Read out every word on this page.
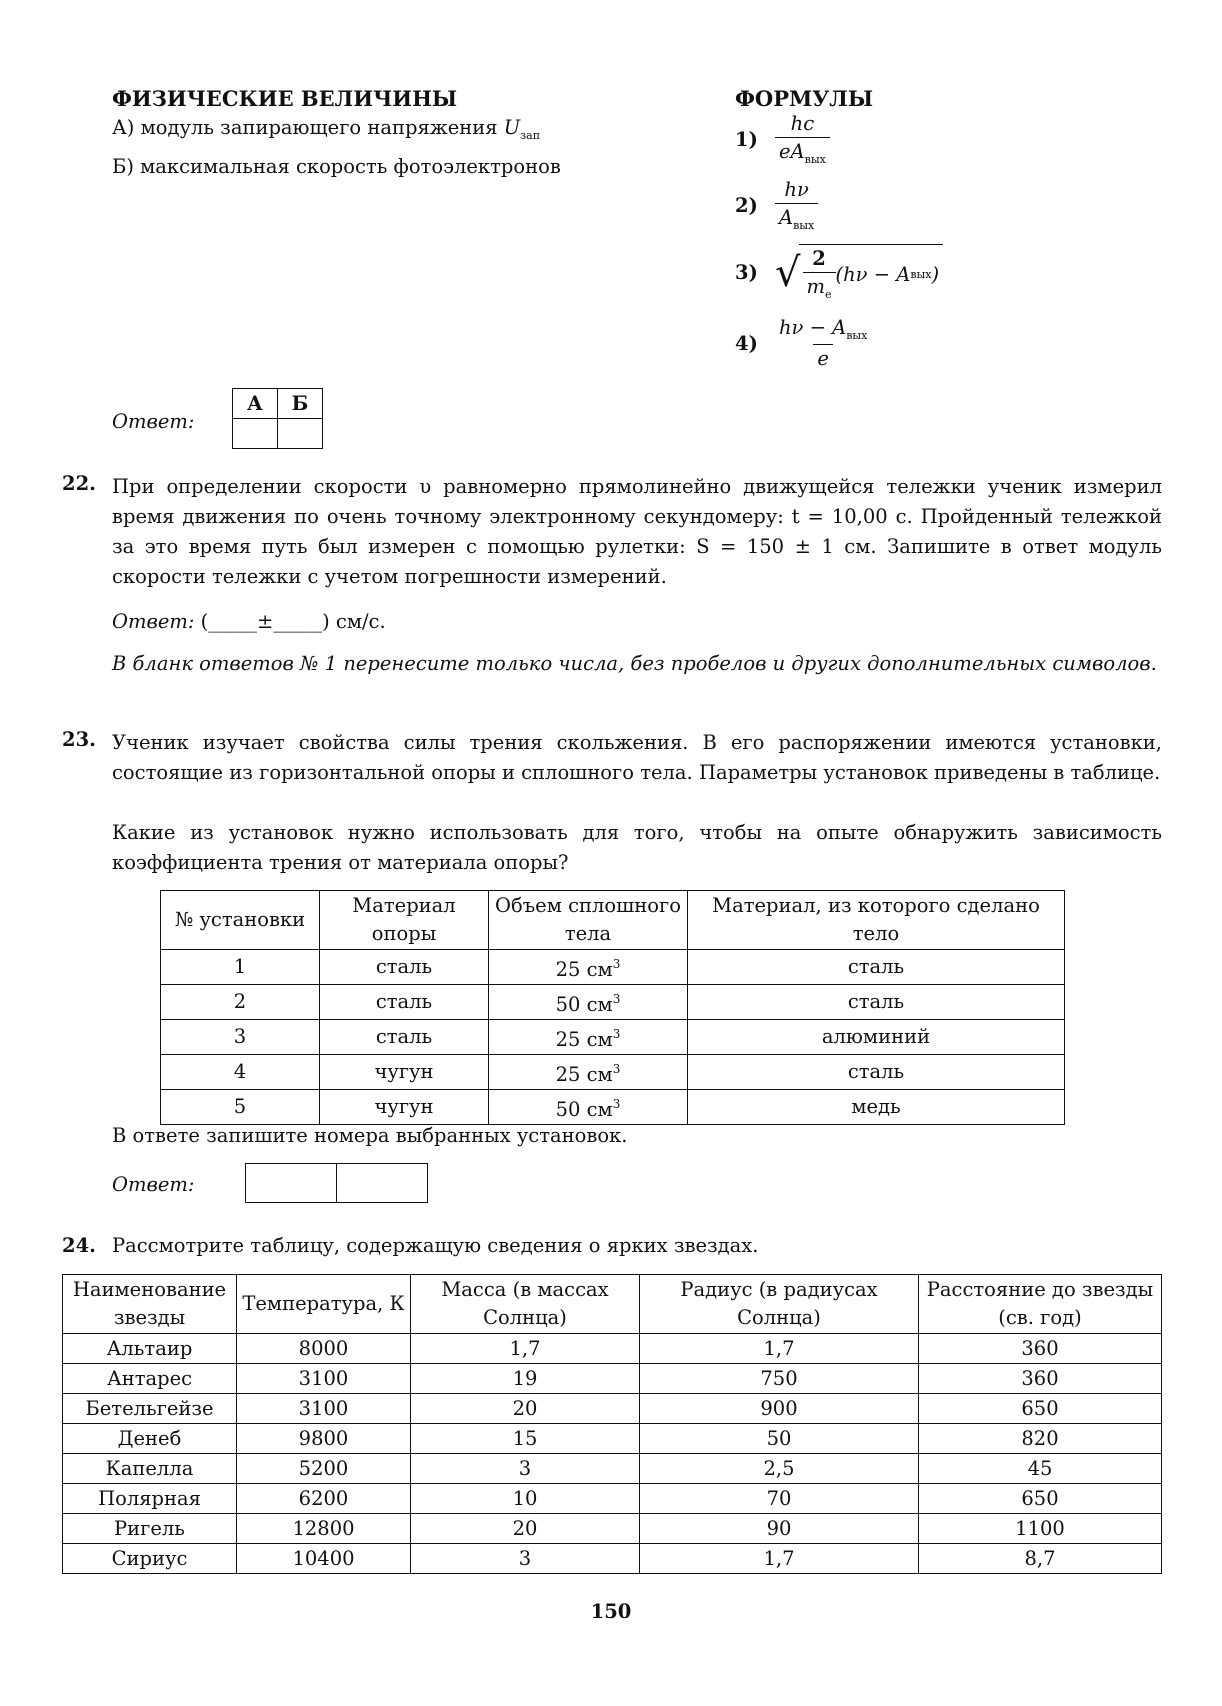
ФИЗИЧЕСКИЕ ВЕЛИЧИНЫ	ФОРМУЛЫ
А) модуль запирающего напряжения $U_{зап}$
Б) максимальная скорость фотоэлектронов
$1) \frac{hc}{eA_{вых}}$
$2) \frac{h\nu}{A_{вых}}$
3) √ $\frac{2}{m_e} (h\nu - A$ вых )
$4) \frac{h\nu - A_{вых}}{e}$
Ответ:
А	Б

22. При определении скорости υ равномерно прямолинейно движущейся тележки ученик измерил время движения по очень точному электронному секундомеру: t = 10,00 с. Пройденный тележкой за это время путь был измерен с помощью рулетки: S = 150 ± 1 см. Запишите в ответ модуль скорости тележки с учетом погрешности измерений.
Ответ: (_____±_____) см/с.
В бланк ответов № 1 перенесите только числа, без пробелов и других дополнительных символов.
23. Ученик изучает свойства силы трения скольжения. В его распоряжении имеются установки, состоящие из горизонтальной опоры и сплошного тела. Параметры установок приведены в таблице.
Какие из установок нужно использовать для того, чтобы на опыте обнаружить зависимость коэффициента трения от материала опоры?
№ установки	Материал опоры	Объем сплошного тела	Материал, из которого сделано тело
1	сталь	25 $см^3$	сталь
2	сталь	50 $см^3$	сталь
3	сталь	25 $см^3$	алюминий
4	чугун	25 $см^3$	сталь
5	чугун	50 $см^3$	медь
В ответе запишите номера выбранных установок.
Ответ:

24. Рассмотрите таблицу, содержащую сведения о ярких звездах.
Наименование звезды	Температура, К	Масса (в массах Солнца)	Радиус (в радиусах Солнца)	Расстояние до звезды (св. год)
Альтаир	8000	1,7	1,7	360
Антарес	3100	19	750	360
Бетельгейзе	3100	20	900	650
Денеб	9800	15	50	820
Капелла	5200	3	2,5	45
Полярная	6200	10	70	650
Ригель	12800	20	90	1100
Сириус	10400	3	1,7	8,7
150
